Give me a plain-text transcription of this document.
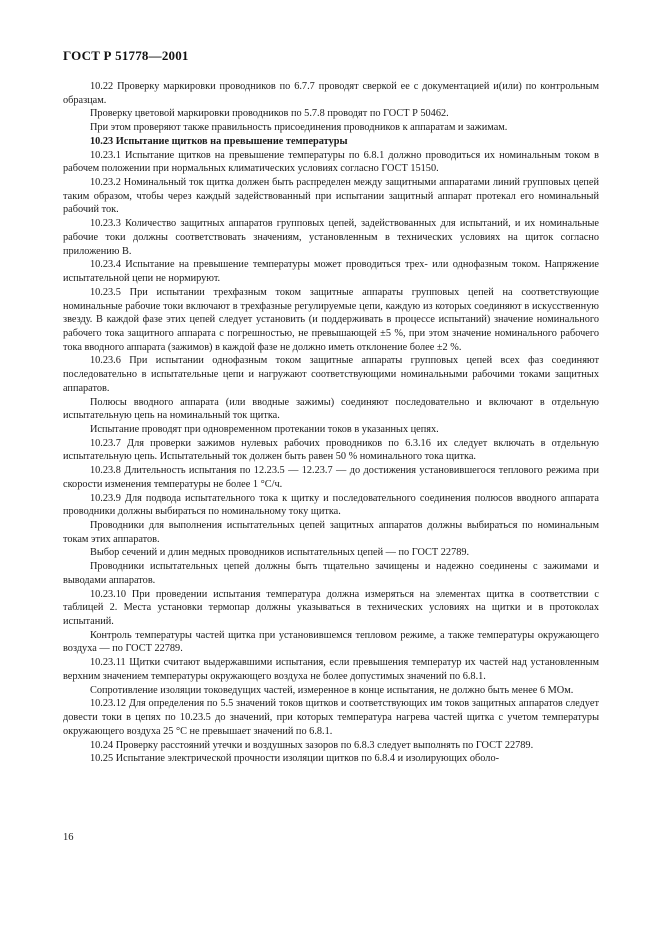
ГОСТ Р 51778—2001

10.22 Проверку маркировки проводников по 6.7.7 проводят сверкой ее с документацией и(или) по контрольным образцам.

Проверку цветовой маркировки проводников по 5.7.8 проводят по ГОСТ Р 50462.

При этом проверяют также правильность присоединения проводников к аппаратам и зажимам.

10.23 Испытание щитков на превышение температуры

10.23.1 Испытание щитков на превышение температуры по 6.8.1 должно проводиться их номинальным током в рабочем положении при нормальных климатических условиях согласно ГОСТ 15150.

10.23.2 Номинальный ток щитка должен быть распределен между защитными аппаратами линий групповых цепей таким образом, чтобы через каждый задействованный при испытании защитный аппарат протекал его номинальный рабочий ток.

10.23.3 Количество защитных аппаратов групповых цепей, задействованных для испытаний, и их номинальные рабочие токи должны соответствовать значениям, установленным в технических условиях на щиток согласно приложению В.

10.23.4 Испытание на превышение температуры может проводиться трех- или однофазным током. Напряжение испытательной цепи не нормируют.

10.23.5 При испытании трехфазным током защитные аппараты групповых цепей на соответствующие номинальные рабочие токи включают в трехфазные регулируемые цепи, каждую из которых соединяют в искусственную звезду. В каждой фазе этих цепей следует установить (и поддерживать в процессе испытаний) значение номинального рабочего тока защитного аппарата с погрешностью, не превышающей ±5 %, при этом значение номинального рабочего тока вводного аппарата (зажимов) в каждой фазе не должно иметь отклонение более ±2 %.

10.23.6 При испытании однофазным током защитные аппараты групповых цепей всех фаз соединяют последовательно в испытательные цепи и нагружают соответствующими номинальными рабочими токами защитных аппаратов.

Полюсы вводного аппарата (или вводные зажимы) соединяют последовательно и включают в отдельную испытательную цепь на номинальный ток щитка.

Испытание проводят при одновременном протекании токов в указанных цепях.

10.23.7 Для проверки зажимов нулевых рабочих проводников по 6.3.16 их следует включать в отдельную испытательную цепь. Испытательный ток должен быть равен 50 % номинального тока щитка.

10.23.8 Длительность испытания по 12.23.5 — 12.23.7 — до достижения установившегося теплового режима при скорости изменения температуры не более 1 °С/ч.

10.23.9 Для подвода испытательного тока к щитку и последовательного соединения полюсов вводного аппарата проводники должны выбираться по номинальному току щитка.

Проводники для выполнения испытательных цепей защитных аппаратов должны выбираться по номинальным токам этих аппаратов.

Выбор сечений и длин медных проводников испытательных цепей — по ГОСТ 22789.

Проводники испытательных цепей должны быть тщательно зачищены и надежно соединены с зажимами и выводами аппаратов.

10.23.10 При проведении испытания температура должна измеряться на элементах щитка в соответствии с таблицей 2. Места установки термопар должны указываться в технических условиях на щитки и в протоколах испытаний.

Контроль температуры частей щитка при установившемся тепловом режиме, а также температуры окружающего воздуха — по ГОСТ 22789.

10.23.11 Щитки считают выдержавшими испытания, если превышения температур их частей над установленным верхним значением температуры окружающего воздуха не более допустимых значений по 6.8.1.

Сопротивление изоляции токоведущих частей, измеренное в конце испытания, не должно быть менее 6 МОм.

10.23.12 Для определения по 5.5 значений токов щитков и соответствующих им токов защитных аппаратов следует довести токи в цепях по 10.23.5 до значений, при которых температура нагрева частей щитка с учетом температуры окружающего воздуха 25 °С не превышает значений по 6.8.1.

10.24 Проверку расстояний утечки и воздушных зазоров по 6.8.3 следует выполнять по ГОСТ 22789.

10.25 Испытание электрической прочности изоляции щитков по 6.8.4 и изолирующих оболо-

16
